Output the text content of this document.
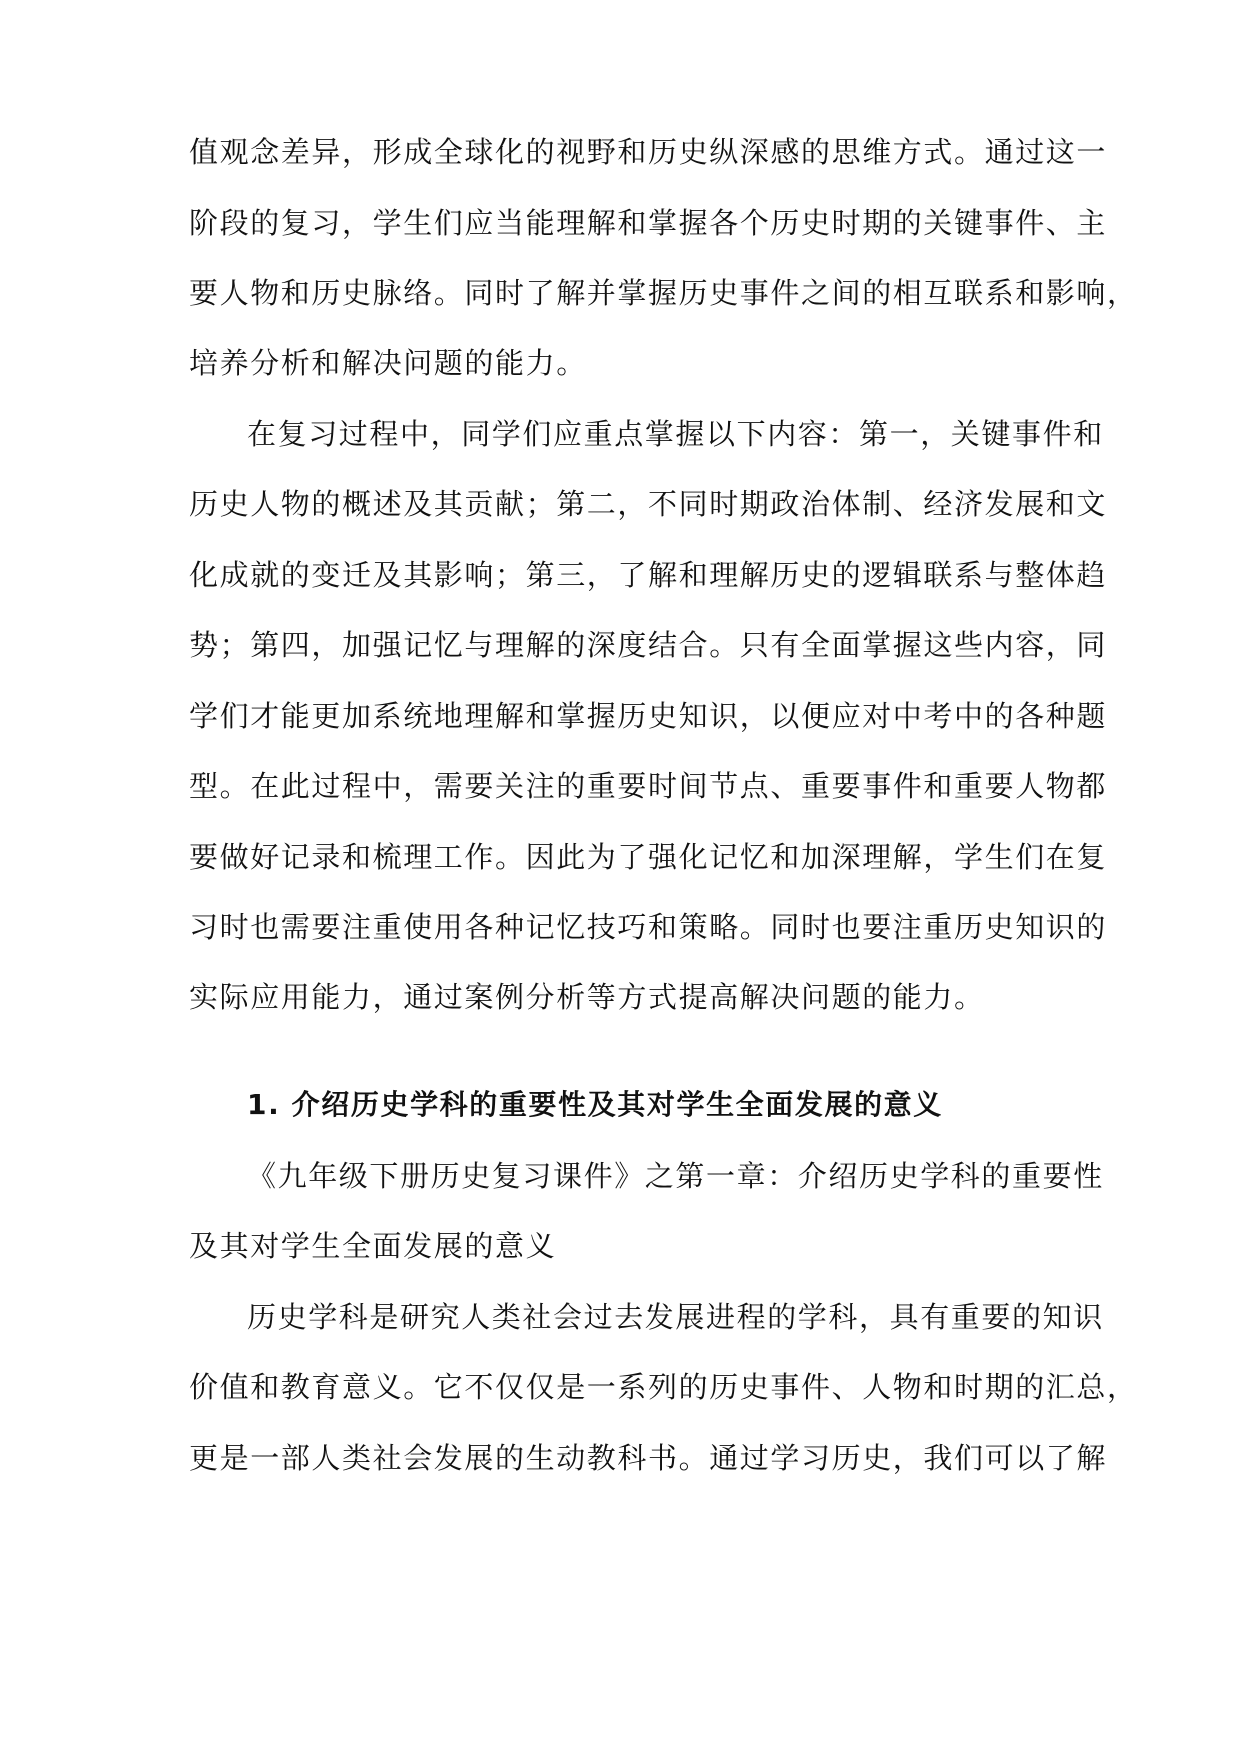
值观念差异，形成全球化的视野和历史纵深感的思维方式。通过这一
阶段的复习，学生们应当能理解和掌握各个历史时期的关键事件、主
要人物和历史脉络。同时了解并掌握历史事件之间的相互联系和影响，
培养分析和解决问题的能力。
在复习过程中，同学们应重点掌握以下内容：第一，关键事件和
历史人物的概述及其贡献；第二，不同时期政治体制、经济发展和文
化成就的变迁及其影响；第三，了解和理解历史的逻辑联系与整体趋
势；第四，加强记忆与理解的深度结合。只有全面掌握这些内容，同
学们才能更加系统地理解和掌握历史知识，以便应对中考中的各种题
型。在此过程中，需要关注的重要时间节点、重要事件和重要人物都
要做好记录和梳理工作。因此为了强化记忆和加深理解，学生们在复
习时也需要注重使用各种记忆技巧和策略。同时也要注重历史知识的
实际应用能力，通过案例分析等方式提高解决问题的能力。
1. 介绍历史学科的重要性及其对学生全面发展的意义
《九年级下册历史复习课件》之第一章：介绍历史学科的重要性
及其对学生全面发展的意义
历史学科是研究人类社会过去发展进程的学科，具有重要的知识
价值和教育意义。它不仅仅是一系列的历史事件、人物和时期的汇总，
更是一部人类社会发展的生动教科书。通过学习历史，我们可以了解
